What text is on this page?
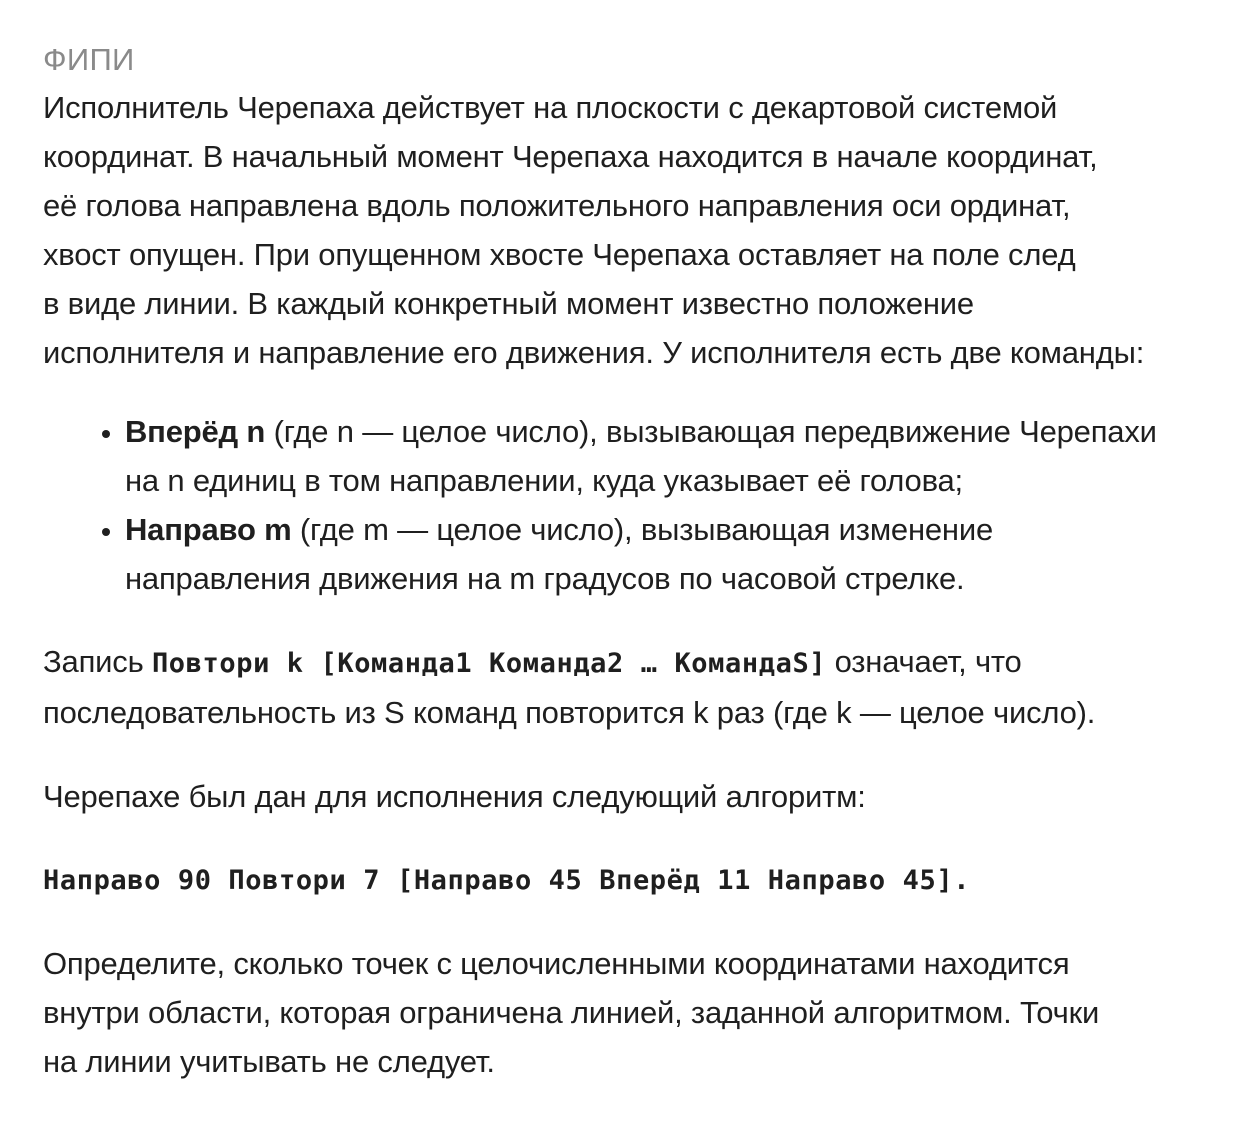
ФИПИ

Исполнитель Черепаха действует на плоскости с декартовой системой
координат. В начальный момент Черепаха находится в начале координат,
её голова направлена вдоль положительного направления оси ординат,
хвост опущен. При опущенном хвосте Черепаха оставляет на поле след
в виде линии. В каждый конкретный момент известно положение
исполнителя и направление его движения. У исполнителя есть две команды:

• Вперёд n (где n — целое число), вызывающая передвижение Черепахи
на n единиц в том направлении, куда указывает её голова;
• Направо m (где m — целое число), вызывающая изменение
направления движения на m градусов по часовой стрелке.

Запись Повтори k [Команда1 Команда2 … КомандаS] означает, что
последовательность из S команд повторится k раз (где k — целое число).

Черепахе был дан для исполнения следующий алгоритм:

Направо 90 Повтори 7 [Направо 45 Вперёд 11 Направо 45].

Определите, сколько точек с целочисленными координатами находится
внутри области, которая ограничена линией, заданной алгоритмом. Точки
на линии учитывать не следует.
